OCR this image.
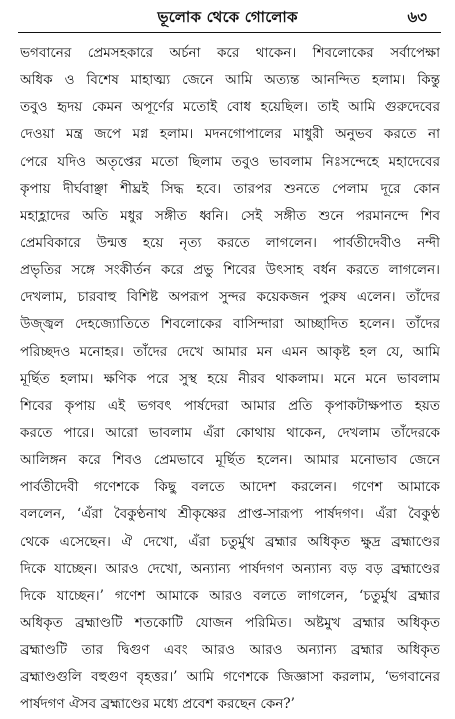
ভূলোক থেকে গোলোক	৬৩
ভগবানের প্রেমসহকারে অর্চনা করে থাকেন। শিবলোকের সর্বাপেক্ষা
অধিক ও বিশেষ মাহাত্ম্য জেনে আমি অত্যন্ত আনন্দিত হলাম। কিন্তু
তবুও হৃদয় কেমন অপূর্ণের মতোই বোধ হয়েছিল। তাই আমি গুরুদেবের
দেওয়া মন্ত্র জপে মগ্ন হলাম। মদনগোপালের মাধুরী অনুভব করতে না
পেরে যদিও অতৃপ্তের মতো ছিলাম তবুও ভাবলাম নিঃসন্দেহে মহাদেবের
কৃপায় দীর্ঘবাঞ্ছা শীঘ্রই সিদ্ধ হবে। তারপর শুনতে পেলাম দূরে কোন
মহাহ্লাদের অতি মধুর সঙ্গীত ধ্বনি। সেই সঙ্গীত শুনে পরমানন্দে শিব
প্রেমবিকারে উন্মত্ত হয়ে নৃত্য করতে লাগলেন। পার্বতীদেবীও নন্দী
প্রভৃতির সঙ্গে সংকীর্তন করে প্রভু শিবের উৎসাহ বর্ধন করতে লাগলেন।
দেখলাম, চারবাহু বিশিষ্ট অপরূপ সুন্দর কয়েকজন পুরুষ এলেন। তাঁদের
উজ্জ্বল দেহজ্যোতিতে শিবলোকের বাসিন্দারা আচ্ছাদিত হলেন। তাঁদের
পরিচ্ছদও মনোহর। তাঁদের দেখে আমার মন এমন আকৃষ্ট হল যে, আমি
মূর্ছিত হলাম। ক্ষণিক পরে সুস্থ হয়ে নীরব থাকলাম। মনে মনে ভাবলাম
শিবের কৃপায় এই ভগবৎ পার্ষদেরা আমার প্রতি কৃপাকটাক্ষপাত হয়ত
করতে পারে। আরো ভাবলাম এঁরা কোথায় থাকেন, দেখলাম তাঁদেরকে
আলিঙ্গন করে শিবও প্রেমভাবে মূর্ছিত হলেন। আমার মনোভাব জেনে
পার্বতীদেবী গণেশকে কিছু বলতে আদেশ করলেন। গণেশ আমাকে
বললেন, ‘এঁরা বৈকুণ্ঠনাথ শ্রীকৃষ্ণের প্রাপ্ত-সারূপ্য পার্ষদগণ। এঁরা বৈকুণ্ঠ
থেকে এসেছেন। ঐ দেখো, এঁরা চতুর্মুখ ব্রহ্মার অধিকৃত ক্ষুদ্র ব্রহ্মাণ্ডের
দিকে যাচ্ছেন। আরও দেখো, অন্যান্য পার্ষদগণ অন্যান্য বড় বড় ব্রহ্মাণ্ডের
দিকে যাচ্ছেন।’ গণেশ আমাকে আরও বলতে লাগলেন, ‘চতুর্মুখ ব্রহ্মার
অধিকৃত ব্রহ্মাণ্ডটি শতকোটি যোজন পরিমিত। অষ্টমুখ ব্রহ্মার অধিকৃত
ব্রহ্মাণ্ডটি তার দ্বিগুণ এবং আরও আরও অন্যান্য ব্রহ্মার অধিকৃত
ব্রহ্মাণ্ডগুলি বহুগুণ বৃহত্তর।’ আমি গণেশকে জিজ্ঞাসা করলাম, ‘ভগবানের
পার্ষদগণ ঐসব ব্রহ্মাণ্ডের মধ্যে প্রবেশ করছেন কেন?’
